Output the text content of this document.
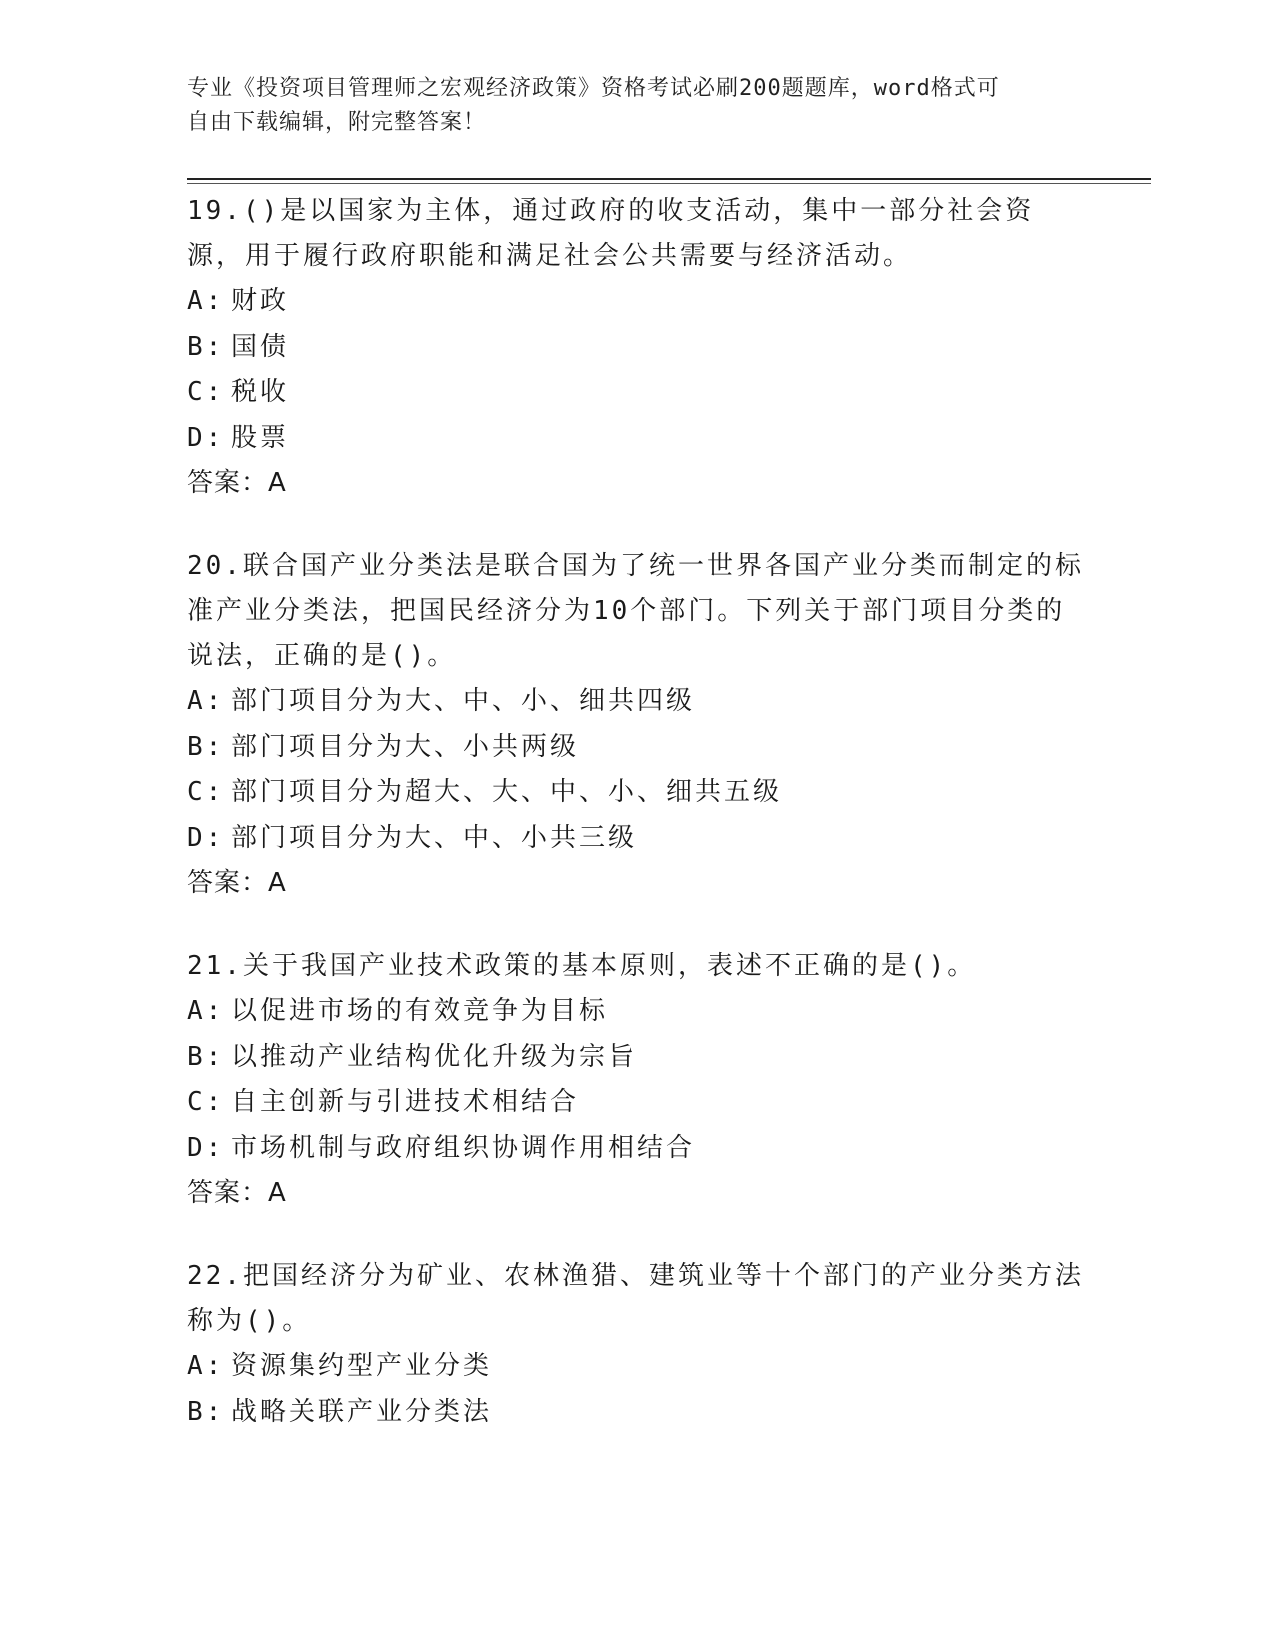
专业《投资项目管理师之宏观经济政策》资格考试必刷200题题库，word格式可
自由下载编辑，附完整答案！

19.()是以国家为主体，通过政府的收支活动，集中一部分社会资源，用于履行政府职能和满足社会公共需要与经济活动。

A: 财政
B: 国债
C: 税收
D: 股票
答案：A

20.联合国产业分类法是联合国为了统一世界各国产业分类而制定的标准产业分类法，把国民经济分为10个部门。下列关于部门项目分类的说法，正确的是()。

A: 部门项目分为大、中、小、细共四级
B: 部门项目分为大、小共两级
C: 部门项目分为超大、大、中、小、细共五级
D: 部门项目分为大、中、小共三级
答案：A

21.关于我国产业技术政策的基本原则，表述不正确的是()。

A: 以促进市场的有效竞争为目标
B: 以推动产业结构优化升级为宗旨
C: 自主创新与引进技术相结合
D: 市场机制与政府组织协调作用相结合
答案：A

22.把国经济分为矿业、农林渔猎、建筑业等十个部门的产业分类方法称为()。

A: 资源集约型产业分类
B: 战略关联产业分类法
